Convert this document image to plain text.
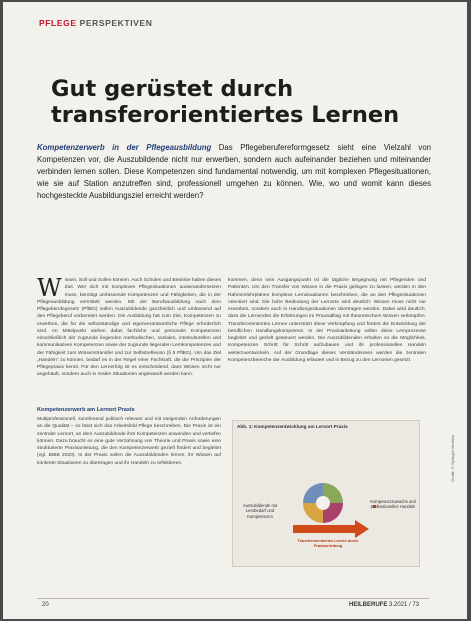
PFLEGE PERSPEKTIVEN
Gut gerüstet durch transferorientiertes Lernen

Kompetenzerwerb in der Pflegeausbildung Das Pflegeberufereformgesetz sieht eine Vielzahl von Kompetenzen vor, die Auszubildende nicht nur erwerben, sondern auch aufeinander beziehen und miteinander verbinden lernen sollen. Diese Kompetenzen sind fundamental notwendig, um mit komplexen Pflegesituationen, wie sie auf Station anzutreffen sind, professionell umgehen zu können. Wie, wo und womit kann dieses hochgesteckte Ausbildungsziel erreicht werden?

Wissen, Soll und Sollen können. Auch Schulen und Betriebe haben dieses Ziel. Wer sich mit komplexen Pflegesituationen auseinandersetzen muss, benötigt umfassende Kompetenzen und Fähigkeiten, die in der Pflegeausbildung vermittelt werden. Mit der Berufsausbildung nach dem Pflegeberufegesetz (PflBG) sollen Auszubildende ganzheitlich und umfassend auf den Pflegeberuf vorbereitet werden. Die Ausbildung hat zum Ziel, Kompetenzen zu erwerben, die für die selbstständige und eigenverantwortliche Pflege erforderlich sind. Im Mittelpunkt stehen dabei fachliche und personale Kompetenzen einschließlich der zugrunde liegenden methodischen, sozialen, interkulturellen und kommunikativen Kompetenzen sowie der zugrunde liegenden Lernkompetenzen und der Fähigkeit zum Wissenstransfer und zur Selbstreflexion (§ 5 PflBG). Um das Ziel „Handeln“ zu können, bedarf es in der Regel einer Fachkraft, die die Prinzipien der Pflegepraxis kennt. Für den Lernerfolg ist es entscheidend, dass Wissen nicht nur angehäuft, sondern auch in realen Situationen angewandt werden kann.

Kompetenzerwerb am Lernort Praxis

Multiprofessionell, zunehmend politisch relevant und mit steigenden Anforderungen an die Qualität – so lässt sich das Arbeitsfeld Pflege beschreiben. Die Praxis ist ein zentraler Lernort, an dem Auszubildende ihre Kompetenzen anwenden und vertiefen können. Dazu braucht es eine gute Verzahnung von Theorie und Praxis sowie eine strukturierte Praxisanleitung, die den Kompetenzerwerb gezielt fördert und begleitet (vgl. BIBB 2020). In der Praxis sollen die Auszubildenden lernen, ihr Wissen auf konkrete Situationen zu übertragen und ihr Handeln zu reflektieren.

kommen, denn sein Ausgangspunkt ist die tägliche Begegnung mit Pflegenden und Patienten. Um den Transfer von Wissen in die Praxis gelingen zu lassen, werden in den Rahmenlehrplänen komplexe Lernsituationen beschrieben, die an den Pflegesituationen orientiert sind. Die hohe Bedeutung der Lernorte wird deutlich: Wissen muss nicht nur erworben, sondern auch in Handlungssituationen übertragen werden. Dabei wird deutlich, dass die Lernenden die Erfahrungen im Praxisalltag mit theoretischem Wissen verknüpfen. Transferorientiertes Lernen unterstützt diese Verknüpfung und fördert die Entwicklung der beruflichen Handlungskompetenz. In der Praxisanleitung sollen diese Lernprozesse begleitet und gezielt gesteuert werden. Die Auszubildenden erhalten so die Möglichkeit, Kompetenzen Schritt für Schritt aufzubauen und ihr professionelles Handeln weiterzuentwickeln. Auf der Grundlage dieses Verständnisses werden die zentralen Kompetenzbereiche der Ausbildung erläutert und in Bezug zu den Lernorten gesetzt.

Abb. 1: Kompetenzentwicklung am Lernort Praxis
Auszubildende mit Lernbedarf und Kompetenzen
Transferorientiertes Lernen durch Praxisanleitung
Kompetenzzuwachs und professionelles Handeln
Grafik: © Springer Medizin
20	HEILBERUFE 3.2021 / 73
